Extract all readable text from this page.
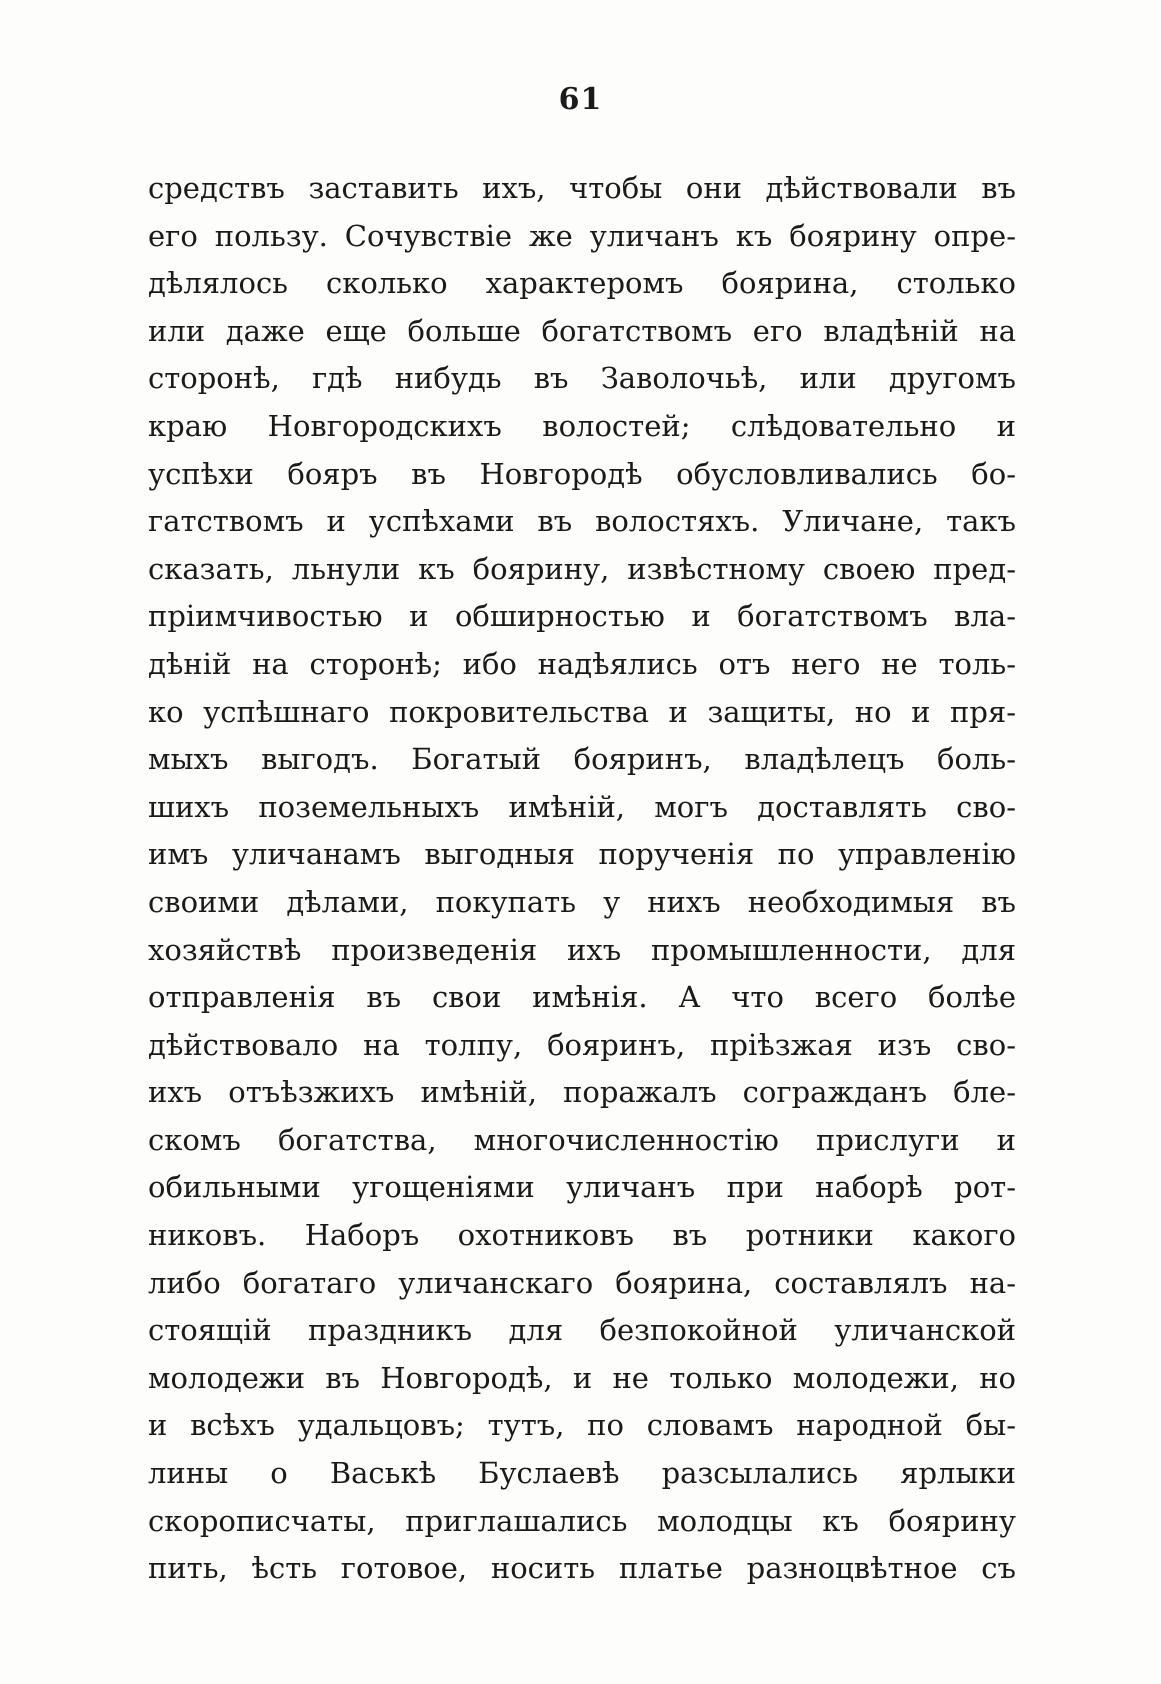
61
средствъ заставить ихъ, чтобы они дѣйствовали въ
его пользу. Сочувствіе же уличанъ къ боярину опре-
дѣлялось сколько характеромъ боярина, столько
или даже еще больше богатствомъ его владѣній на
сторонѣ, гдѣ нибудь въ Заволочьѣ, или другомъ
краю Новгородскихъ волостей; слѣдовательно и
успѣхи бояръ въ Новгородѣ обусловливались бо-
гатствомъ и успѣхами въ волостяхъ. Уличане, такъ
сказать, льнули къ боярину, извѣстному своею пред-
пріимчивостью и обширностью и богатствомъ вла-
дѣній на сторонѣ; ибо надѣялись отъ него не толь-
ко успѣшнаго покровительства и защиты, но и пря-
мыхъ выгодъ. Богатый бояринъ, владѣлецъ боль-
шихъ поземельныхъ имѣній, могъ доставлять сво-
имъ уличанамъ выгодныя порученія по управленію
своими дѣлами, покупать у нихъ необходимыя въ
хозяйствѣ произведенія ихъ промышленности, для
отправленія въ свои имѣнія. А что всего болѣе
дѣйствовало на толпу, бояринъ, пріѣзжая изъ сво-
ихъ отъѣзжихъ имѣній, поражалъ согражданъ бле-
скомъ богатства, многочисленностію прислуги и
обильными угощеніями уличанъ при наборѣ рот-
никовъ. Наборъ охотниковъ въ ротники какого
либо богатаго уличанскаго боярина, составлялъ на-
стоящій праздникъ для безпокойной уличанской
молодежи въ Новгородѣ, и не только молодежи, но
и всѣхъ удальцовъ; тутъ, по словамъ народной бы-
лины о Васькѣ Буслаевѣ разсылались ярлыки
скорописчаты, приглашались молодцы къ боярину
пить, ѣсть готовое, носить платье разноцвѣтное съ
